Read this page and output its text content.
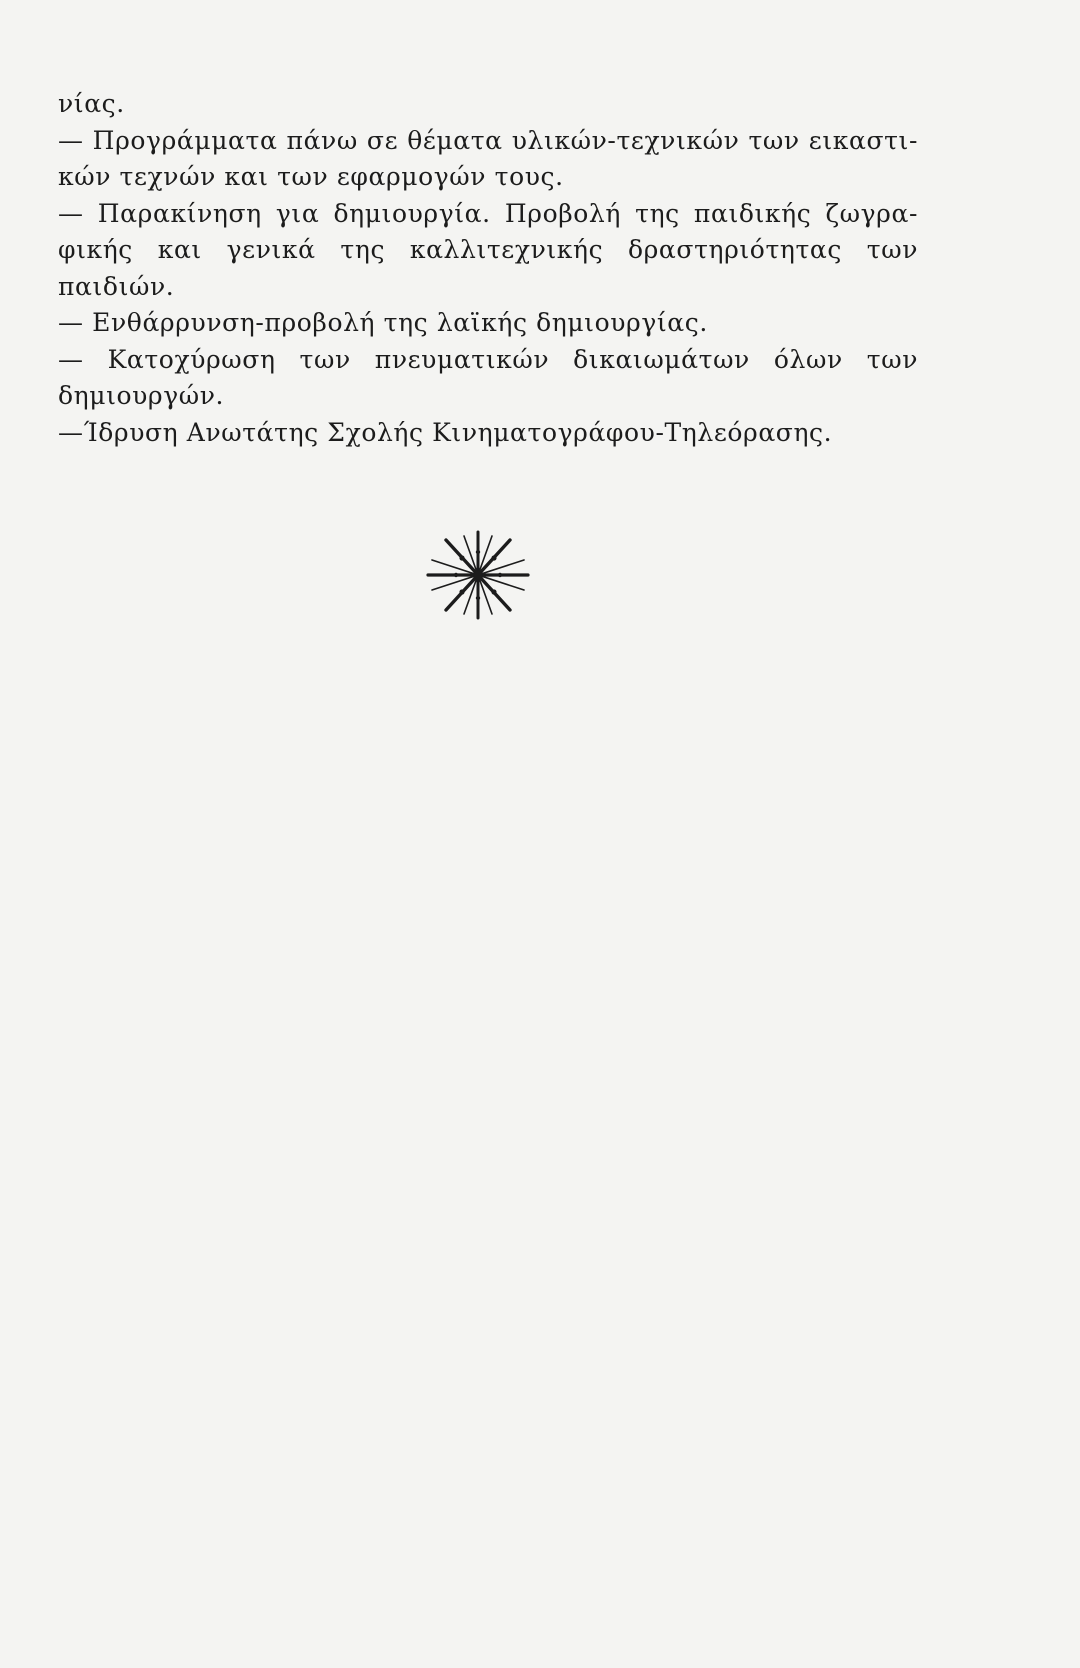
νίας.
— Προγράμματα πάνω σε θέματα υλικών-τεχνικών των εικαστι-
κών τεχνών και των εφαρμογών τους.
— Παρακίνηση για δημιουργία. Προβολή της παιδικής ζωγρα-
φικής και γενικά της καλλιτεχνικής δραστηριότητας των
παιδιών.
— Ενθάρρυνση-προβολή της λαϊκής δημιουργίας.
— Κατοχύρωση των πνευματικών δικαιωμάτων όλων των
δημιουργών.
—Ίδρυση Ανωτάτης Σχολής Κινηματογράφου-Τηλεόρασης.
